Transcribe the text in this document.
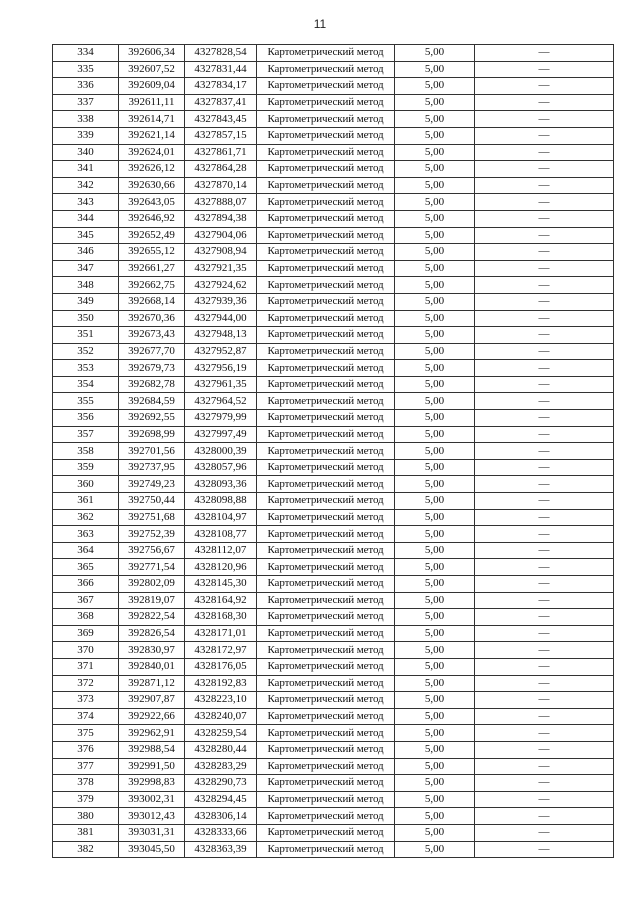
11
334	392606,34	4327828,54	Картометрический метод	5,00	—
335	392607,52	4327831,44	Картометрический метод	5,00	—
336	392609,04	4327834,17	Картометрический метод	5,00	—
337	392611,11	4327837,41	Картометрический метод	5,00	—
338	392614,71	4327843,45	Картометрический метод	5,00	—
339	392621,14	4327857,15	Картометрический метод	5,00	—
340	392624,01	4327861,71	Картометрический метод	5,00	—
341	392626,12	4327864,28	Картометрический метод	5,00	—
342	392630,66	4327870,14	Картометрический метод	5,00	—
343	392643,05	4327888,07	Картометрический метод	5,00	—
344	392646,92	4327894,38	Картометрический метод	5,00	—
345	392652,49	4327904,06	Картометрический метод	5,00	—
346	392655,12	4327908,94	Картометрический метод	5,00	—
347	392661,27	4327921,35	Картометрический метод	5,00	—
348	392662,75	4327924,62	Картометрический метод	5,00	—
349	392668,14	4327939,36	Картометрический метод	5,00	—
350	392670,36	4327944,00	Картометрический метод	5,00	—
351	392673,43	4327948,13	Картометрический метод	5,00	—
352	392677,70	4327952,87	Картометрический метод	5,00	—
353	392679,73	4327956,19	Картометрический метод	5,00	—
354	392682,78	4327961,35	Картометрический метод	5,00	—
355	392684,59	4327964,52	Картометрический метод	5,00	—
356	392692,55	4327979,99	Картометрический метод	5,00	—
357	392698,99	4327997,49	Картометрический метод	5,00	—
358	392701,56	4328000,39	Картометрический метод	5,00	—
359	392737,95	4328057,96	Картометрический метод	5,00	—
360	392749,23	4328093,36	Картометрический метод	5,00	—
361	392750,44	4328098,88	Картометрический метод	5,00	—
362	392751,68	4328104,97	Картометрический метод	5,00	—
363	392752,39	4328108,77	Картометрический метод	5,00	—
364	392756,67	4328112,07	Картометрический метод	5,00	—
365	392771,54	4328120,96	Картометрический метод	5,00	—
366	392802,09	4328145,30	Картометрический метод	5,00	—
367	392819,07	4328164,92	Картометрический метод	5,00	—
368	392822,54	4328168,30	Картометрический метод	5,00	—
369	392826,54	4328171,01	Картометрический метод	5,00	—
370	392830,97	4328172,97	Картометрический метод	5,00	—
371	392840,01	4328176,05	Картометрический метод	5,00	—
372	392871,12	4328192,83	Картометрический метод	5,00	—
373	392907,87	4328223,10	Картометрический метод	5,00	—
374	392922,66	4328240,07	Картометрический метод	5,00	—
375	392962,91	4328259,54	Картометрический метод	5,00	—
376	392988,54	4328280,44	Картометрический метод	5,00	—
377	392991,50	4328283,29	Картометрический метод	5,00	—
378	392998,83	4328290,73	Картометрический метод	5,00	—
379	393002,31	4328294,45	Картометрический метод	5,00	—
380	393012,43	4328306,14	Картометрический метод	5,00	—
381	393031,31	4328333,66	Картометрический метод	5,00	—
382	393045,50	4328363,39	Картометрический метод	5,00	—
